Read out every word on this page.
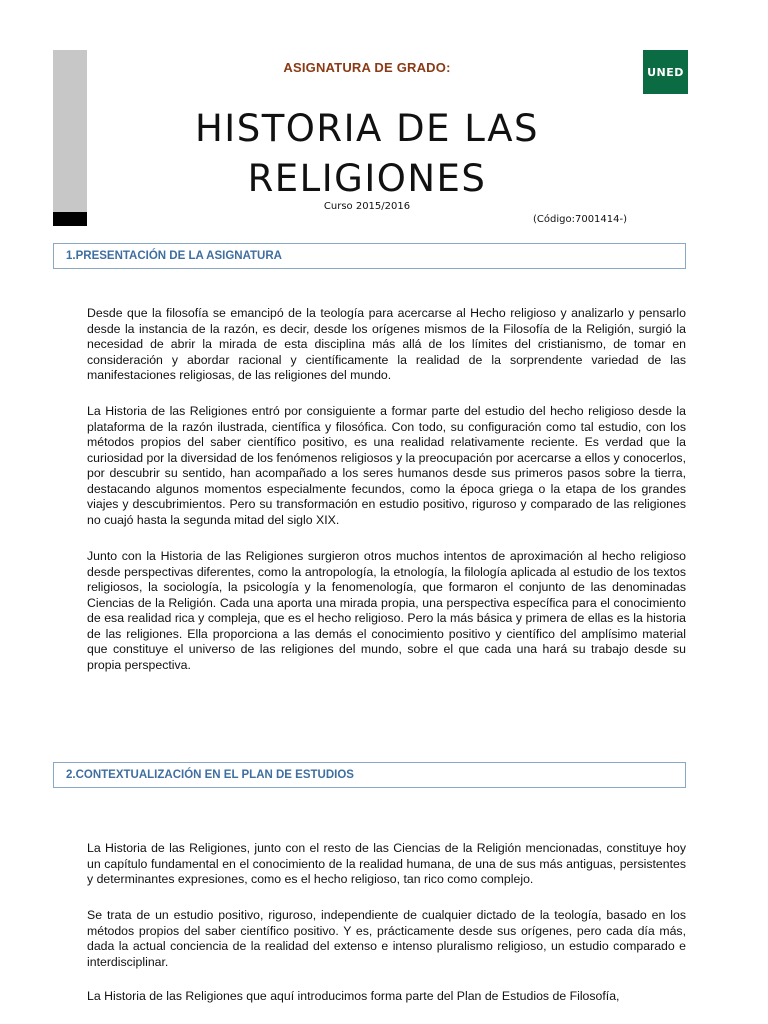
ASIGNATURA DE GRADO:	UNED
HISTORIA DE LAS
RELIGIONES
Curso 2015/2016
(Código:7001414-)
1.PRESENTACIÓN DE LA ASIGNATURA

Desde que la filosofía se emancipó de la teología para acercarse al Hecho religioso y analizarlo y pensarlo desde la instancia de la razón, es decir, desde los orígenes mismos de la Filosofía de la Religión, surgió la necesidad de abrir la mirada de esta disciplina más allá de los límites del cristianismo, de tomar en consideración y abordar racional y científicamente la realidad de la sorprendente variedad de las manifestaciones religiosas, de las religiones del mundo.

La Historia de las Religiones entró por consiguiente a formar parte del estudio del hecho religioso desde la plataforma de la razón ilustrada, científica y filosófica. Con todo, su configuración como tal estudio, con los métodos propios del saber científico positivo, es una realidad relativamente reciente. Es verdad que la curiosidad por la diversidad de los fenómenos religiosos y la preocupación por acercarse a ellos y conocerlos, por descubrir su sentido, han acompañado a los seres humanos desde sus primeros pasos sobre la tierra, destacando algunos momentos especialmente fecundos, como la época griega o la etapa de los grandes viajes y descubrimientos. Pero su transformación en estudio positivo, riguroso y comparado de las religiones no cuajó hasta la segunda mitad del siglo XIX.

Junto con la Historia de las Religiones surgieron otros muchos intentos de aproximación al hecho religioso desde perspectivas diferentes, como la antropología, la etnología, la filología aplicada al estudio de los textos religiosos, la sociología, la psicología y la fenomenología, que formaron el conjunto de las denominadas Ciencias de la Religión. Cada una aporta una mirada propia, una perspectiva específica para el conocimiento de esa realidad rica y compleja, que es el hecho religioso. Pero la más básica y primera de ellas es la historia de las religiones. Ella proporciona a las demás el conocimiento positivo y científico del amplísimo material que constituye el universo de las religiones del mundo, sobre el que cada una hará su trabajo desde su propia perspectiva.

2.CONTEXTUALIZACIÓN EN EL PLAN DE ESTUDIOS

La Historia de las Religiones, junto con el resto de las Ciencias de la Religión mencionadas, constituye hoy un capítulo fundamental en el conocimiento de la realidad humana, de una de sus más antiguas, persistentes y determinantes expresiones, como es el hecho religioso, tan rico como complejo.

Se trata de un estudio positivo, riguroso, independiente de cualquier dictado de la teología, basado en los métodos propios del saber científico positivo. Y es, prácticamente desde sus orígenes, pero cada día más, dada la actual conciencia de la realidad del extenso e intenso pluralismo religioso, un estudio comparado e interdisciplinar.

La Historia de las Religiones que aquí introducimos forma parte del Plan de Estudios de Filosofía,
